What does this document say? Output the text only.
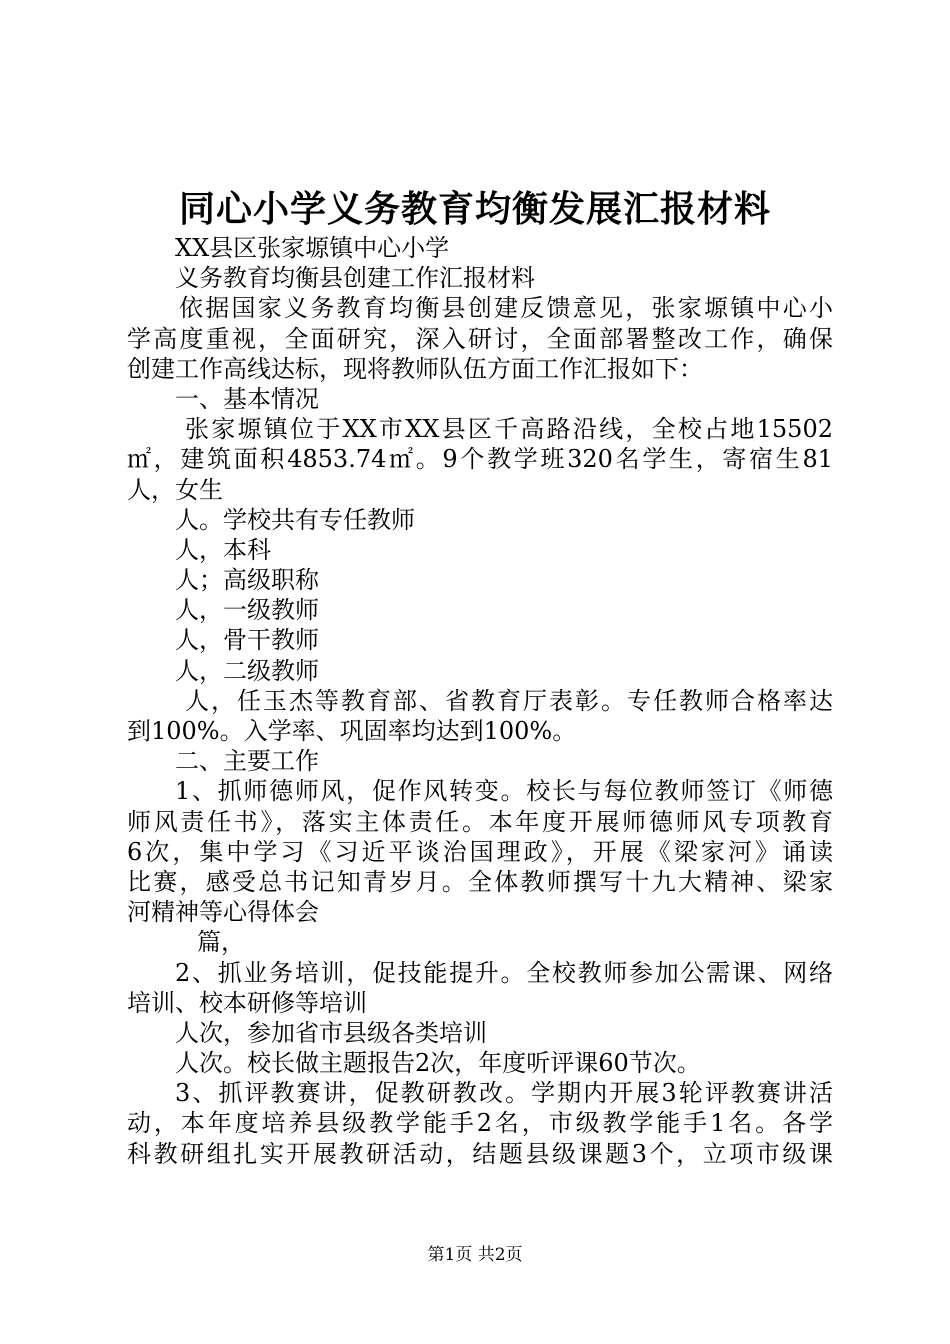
同心小学义务教育均衡发展汇报材料
XX县区张家塬镇中心小学
义务教育均衡县创建工作汇报材料
依据国家义务教育均衡县创建反馈意见，张家塬镇中心小
学高度重视，全面研究，深入研讨，全面部署整改工作，确保
创建工作高线达标，现将教师队伍方面工作汇报如下：
一、基本情况
张家塬镇位于XX市XX县区千高路沿线，全校占地15502
㎡，建筑面积4853.74㎡。9个教学班320名学生，寄宿生81
人，女生
人。学校共有专任教师
人，本科
人；高级职称
人，一级教师
人，骨干教师
人，二级教师
人，任玉杰等教育部、省教育厅表彰。专任教师合格率达
到100%。入学率、巩固率均达到100%。
二、主要工作
1、抓师德师风，促作风转变。校长与每位教师签订《师德
师风责任书》，落实主体责任。本年度开展师德师风专项教育
6次，集中学习《习近平谈治国理政》，开展《梁家河》诵读
比赛，感受总书记知青岁月。全体教师撰写十九大精神、梁家
河精神等心得体会
篇，
2、抓业务培训，促技能提升。全校教师参加公需课、网络
培训、校本研修等培训
人次，参加省市县级各类培训
人次。校长做主题报告2次，年度听评课60节次。
3、抓评教赛讲，促教研教改。学期内开展3轮评教赛讲活
动，本年度培养县级教学能手2名，市级教学能手1名。各学
科教研组扎实开展教研活动，结题县级课题3个，立项市级课
第1页 共2页
